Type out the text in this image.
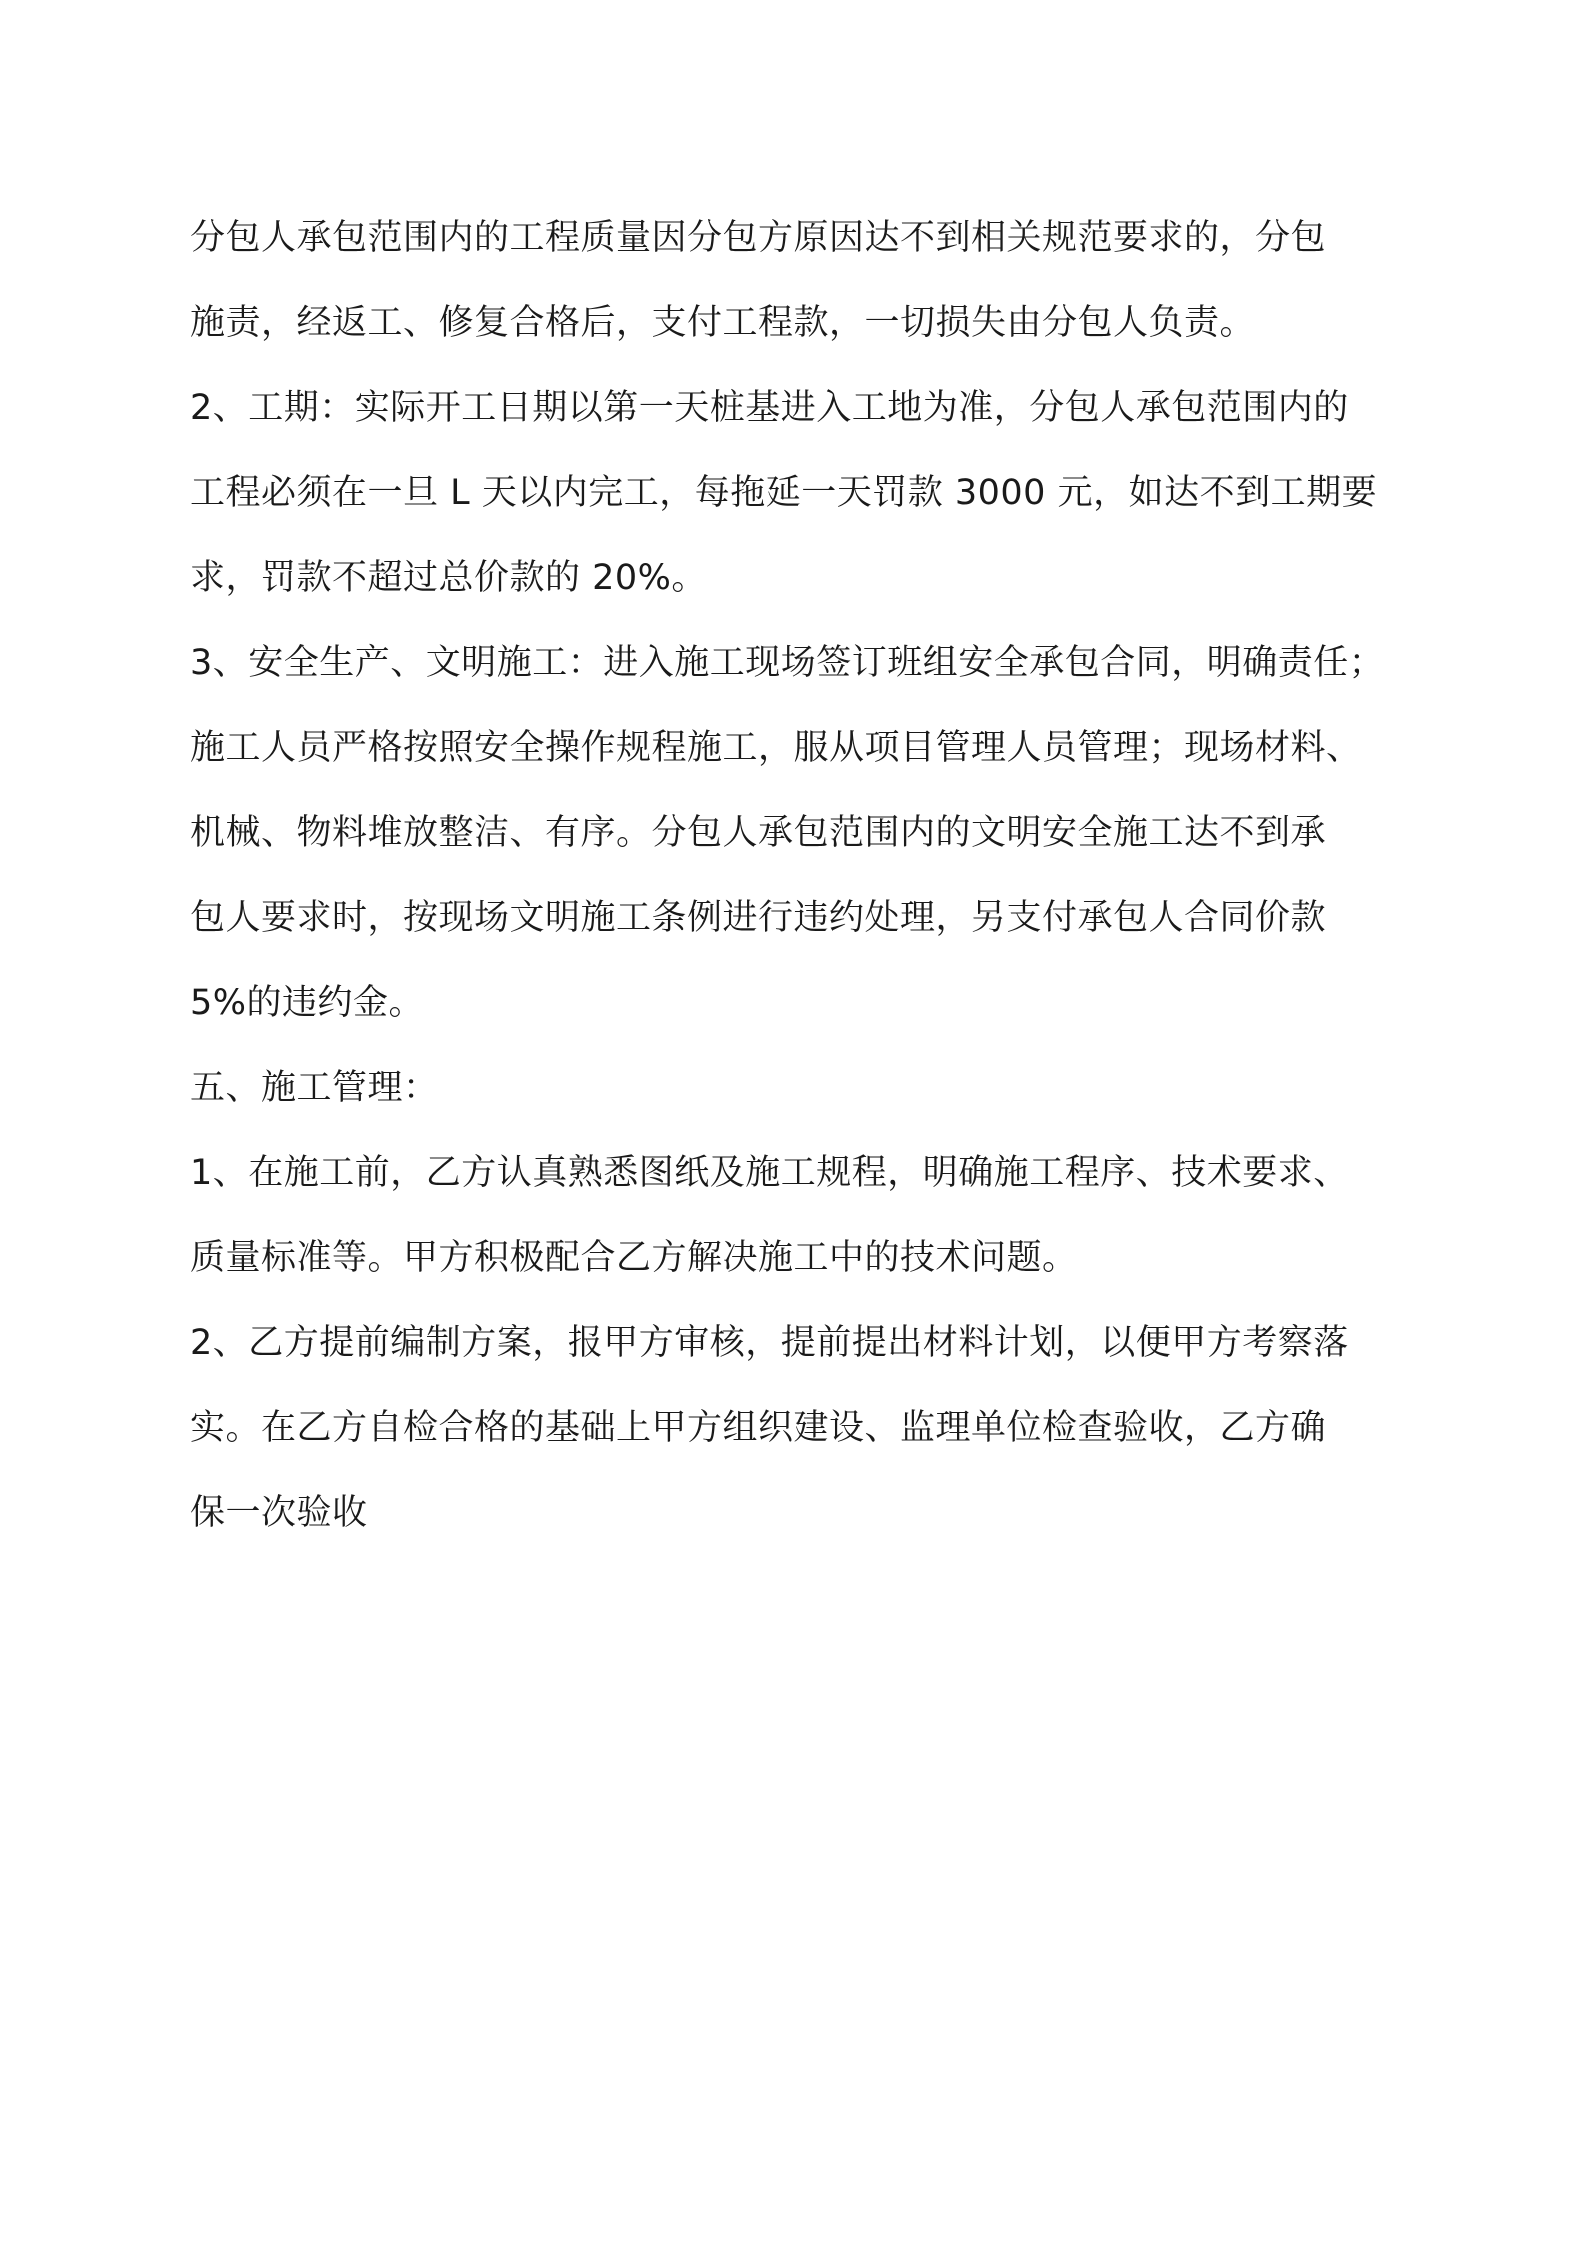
分包人承包范围内的工程质量因分包方原因达不到相关规范要求的，分包
施责，经返工、修复合格后，支付工程款，一切损失由分包人负责。
2、工期：实际开工日期以第一天桩基进入工地为准，分包人承包范围内的
工程必须在一旦 L 天以内完工，每拖延一天罚款 3000 元，如达不到工期要
求，罚款不超过总价款的 20%。
3、安全生产、文明施工：进入施工现场签订班组安全承包合同，明确责任；
施工人员严格按照安全操作规程施工，服从项目管理人员管理；现场材料、
机械、物料堆放整洁、有序。分包人承包范围内的文明安全施工达不到承
包人要求时，按现场文明施工条例进行违约处理，另支付承包人合同价款
5%的违约金。
五、施工管理：
1、在施工前，乙方认真熟悉图纸及施工规程，明确施工程序、技术要求、
质量标准等。甲方积极配合乙方解决施工中的技术问题。
2、乙方提前编制方案，报甲方审核，提前提出材料计划，以便甲方考察落
实。在乙方自检合格的基础上甲方组织建设、监理单位检查验收，乙方确
保一次验收
